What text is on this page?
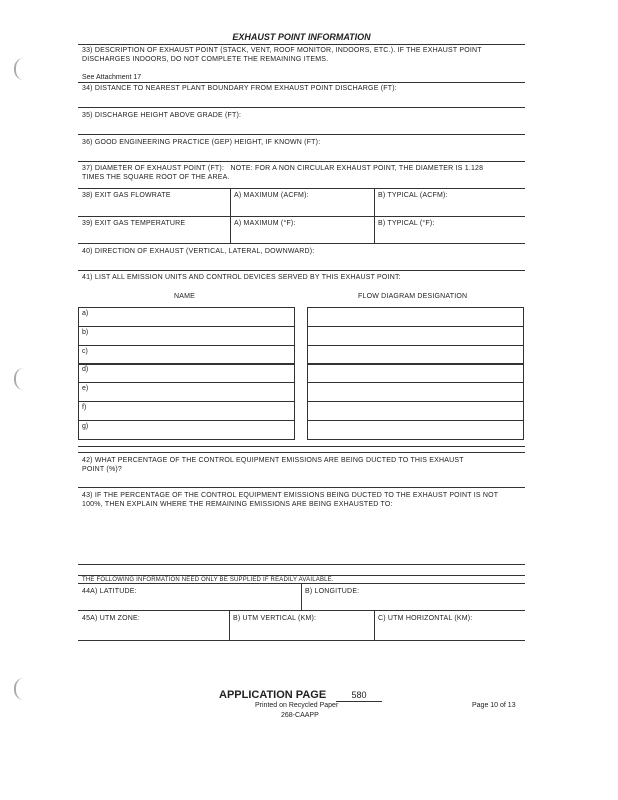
EXHAUST POINT INFORMATION
33) DESCRIPTION OF EXHAUST POINT (STACK, VENT, ROOF MONITOR, INDOORS, ETC.). IF THE EXHAUST POINT DISCHARGES INDOORS, DO NOT COMPLETE THE REMAINING ITEMS.
See Attachment 17
34) DISTANCE TO NEAREST PLANT BOUNDARY FROM EXHAUST POINT DISCHARGE (FT):
35) DISCHARGE HEIGHT ABOVE GRADE (FT):
36) GOOD ENGINEERING PRACTICE (GEP) HEIGHT, IF KNOWN (FT):
37) DIAMETER OF EXHAUST POINT (FT):   NOTE: FOR A NON CIRCULAR EXHAUST POINT, THE DIAMETER IS 1.128 TIMES THE SQUARE ROOT OF THE AREA.
38) EXIT GAS FLOWRATE	A) MAXIMUM (ACFM):	B) TYPICAL (ACFM):
39) EXIT GAS TEMPERATURE	A) MAXIMUM (°F):	B) TYPICAL (°F):
40) DIRECTION OF EXHAUST (VERTICAL, LATERAL, DOWNWARD):
41) LIST ALL EMISSION UNITS AND CONTROL DEVICES SERVED BY THIS EXHAUST POINT:
NAME	FLOW DIAGRAM DESIGNATION
a)
b)
c)
d)
e)
f)
g)
42) WHAT PERCENTAGE OF THE CONTROL EQUIPMENT EMISSIONS ARE BEING DUCTED TO THIS EXHAUST POINT (%)?
43) IF THE PERCENTAGE OF THE CONTROL EQUIPMENT EMISSIONS BEING DUCTED TO THE EXHAUST POINT IS NOT 100%, THEN EXPLAIN WHERE THE REMAINING EMISSIONS ARE BEING EXHAUSTED TO:
THE FOLLOWING INFORMATION NEED ONLY BE SUPPLIED IF READILY AVAILABLE.
44A) LATITUDE:	B) LONGITUDE:
45A) UTM ZONE:	B) UTM VERTICAL (KM):	C) UTM HORIZONTAL (KM):
APPLICATION PAGE	580
Printed on Recycled Paper
268-CAAPP
Page 10 of 13
